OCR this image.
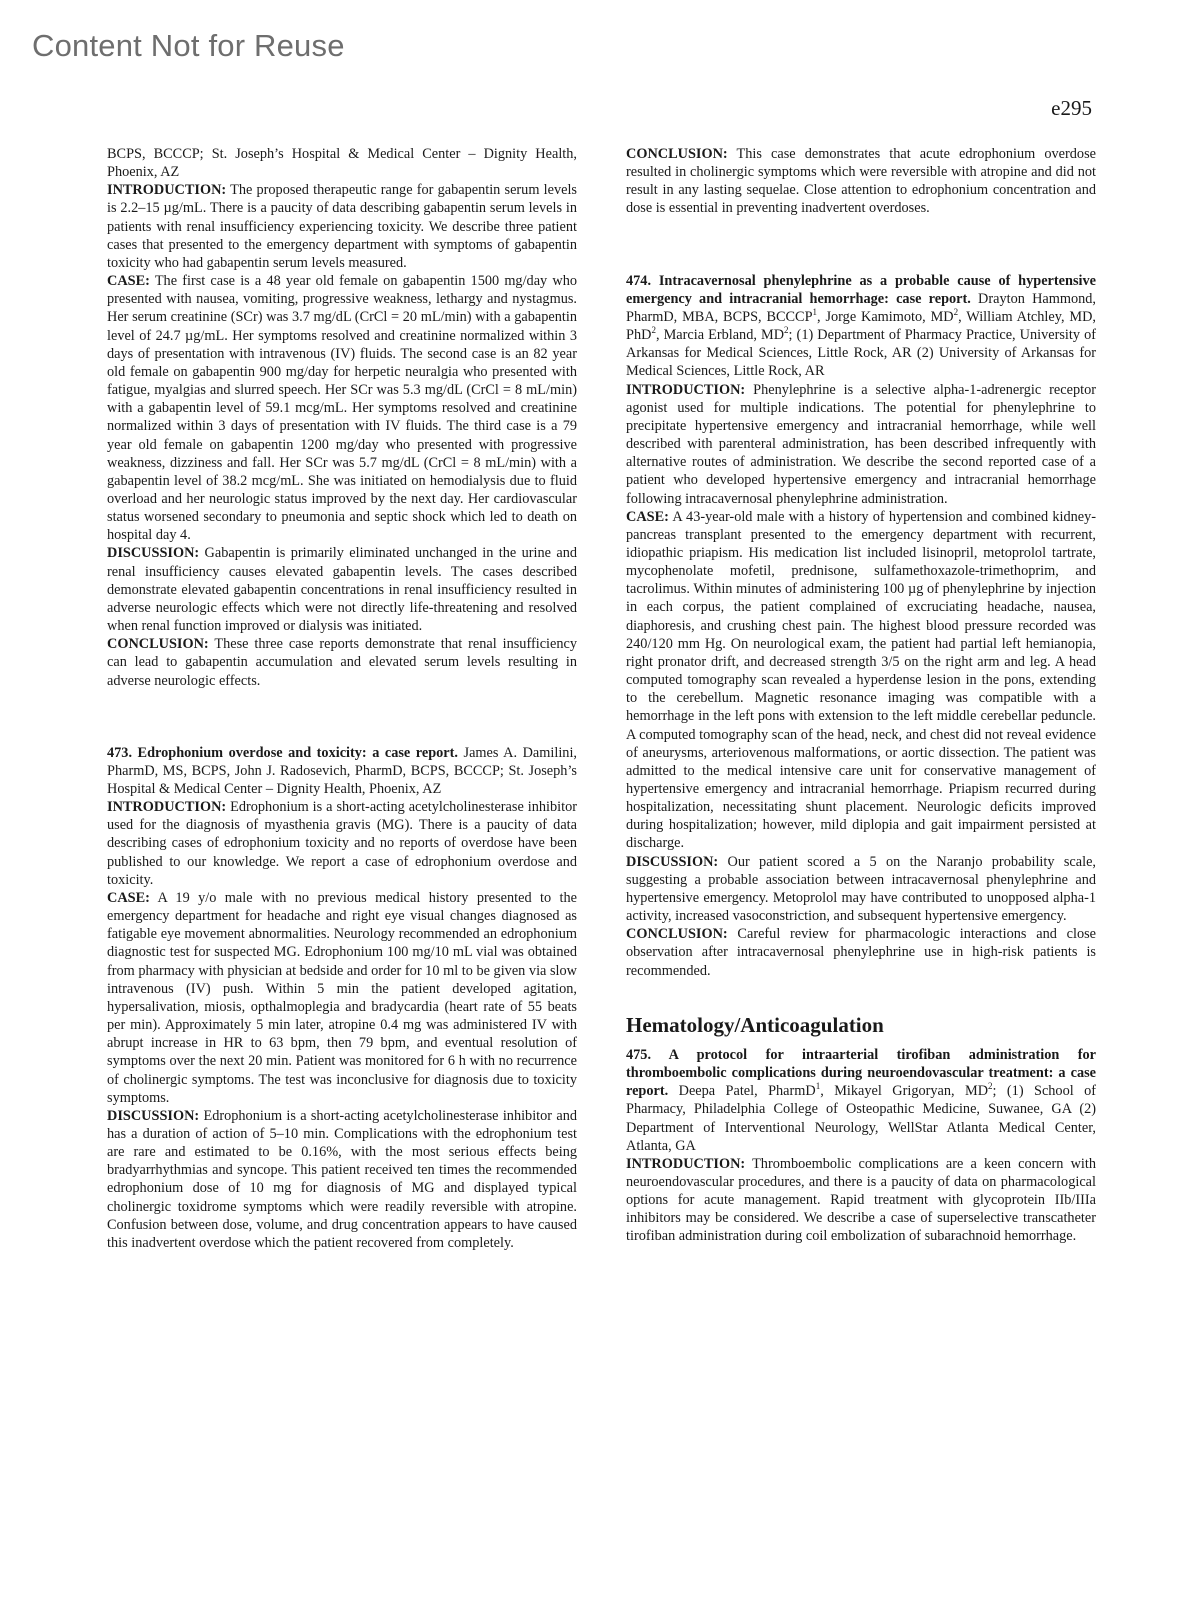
Content Not for Reuse
e295

BCPS, BCCCP; St. Joseph’s Hospital & Medical Center – Dignity Health, Phoenix, AZ

INTRODUCTION: The proposed therapeutic range for gabapentin serum levels is 2.2–15 µg/mL. There is a paucity of data describing gabapentin serum levels in patients with renal insufficiency experiencing toxicity. We describe three patient cases that presented to the emergency department with symptoms of gabapentin toxicity who had gabapentin serum levels measured.

CASE: The first case is a 48 year old female on gabapentin 1500 mg/day who presented with nausea, vomiting, progressive weakness, lethargy and nystagmus. Her serum creatinine (SCr) was 3.7 mg/dL (CrCl = 20 mL/min) with a gabapentin level of 24.7 µg/mL. Her symptoms resolved and creatinine normalized within 3 days of presentation with intravenous (IV) fluids. The second case is an 82 year old female on gabapentin 900 mg/day for herpetic neuralgia who presented with fatigue, myalgias and slurred speech. Her SCr was 5.3 mg/dL (CrCl = 8 mL/min) with a gabapentin level of 59.1 mcg/mL. Her symptoms resolved and creatinine normalized within 3 days of presentation with IV fluids. The third case is a 79 year old female on gabapentin 1200 mg/day who presented with progressive weakness, dizziness and fall. Her SCr was 5.7 mg/dL (CrCl = 8 mL/min) with a gabapentin level of 38.2 mcg/mL. She was initiated on hemodialysis due to fluid overload and her neurologic status improved by the next day. Her cardiovascular status worsened secondary to pneumonia and septic shock which led to death on hospital day 4.

DISCUSSION: Gabapentin is primarily eliminated unchanged in the urine and renal insufficiency causes elevated gabapentin levels. The cases described demonstrate elevated gabapentin concentrations in renal insufficiency resulted in adverse neurologic effects which were not directly life-threatening and resolved when renal function improved or dialysis was initiated.

CONCLUSION: These three case reports demonstrate that renal insufficiency can lead to gabapentin accumulation and elevated serum levels resulting in adverse neurologic effects.

473. Edrophonium overdose and toxicity: a case report. James A. Damilini, PharmD, MS, BCPS, John J. Radosevich, PharmD, BCPS, BCCCP; St. Joseph’s Hospital & Medical Center – Dignity Health, Phoenix, AZ

INTRODUCTION: Edrophonium is a short-acting acetylcholinesterase inhibitor used for the diagnosis of myasthenia gravis (MG). There is a paucity of data describing cases of edrophonium toxicity and no reports of overdose have been published to our knowledge. We report a case of edrophonium overdose and toxicity.

CASE: A 19 y/o male with no previous medical history presented to the emergency department for headache and right eye visual changes diagnosed as fatigable eye movement abnormalities. Neurology recommended an edrophonium diagnostic test for suspected MG. Edrophonium 100 mg/10 mL vial was obtained from pharmacy with physician at bedside and order for 10 ml to be given via slow intravenous (IV) push. Within 5 min the patient developed agitation, hypersalivation, miosis, opthalmoplegia and bradycardia (heart rate of 55 beats per min). Approximately 5 min later, atropine 0.4 mg was administered IV with abrupt increase in HR to 63 bpm, then 79 bpm, and eventual resolution of symptoms over the next 20 min. Patient was monitored for 6 h with no recurrence of cholinergic symptoms. The test was inconclusive for diagnosis due to toxicity symptoms.

DISCUSSION: Edrophonium is a short-acting acetylcholinesterase inhibitor and has a duration of action of 5–10 min. Complications with the edrophonium test are rare and estimated to be 0.16%, with the most serious effects being bradyarrhythmias and syncope. This patient received ten times the recommended edrophonium dose of 10 mg for diagnosis of MG and displayed typical cholinergic toxidrome symptoms which were readily reversible with atropine. Confusion between dose, volume, and drug concentration appears to have caused this inadvertent overdose which the patient recovered from completely.

CONCLUSION: This case demonstrates that acute edrophonium overdose resulted in cholinergic symptoms which were reversible with atropine and did not result in any lasting sequelae. Close attention to edrophonium concentration and dose is essential in preventing inadvertent overdoses.

474. Intracavernosal phenylephrine as a probable cause of hypertensive emergency and intracranial hemorrhage: case report. Drayton Hammond, PharmD, MBA, BCPS, BCCCP$^1$, Jorge Kamimoto, $MD^2$, William Atchley, MD, PhD$^2$, Marcia Erbland, $MD^2$; (1) Department of Pharmacy Practice, University of Arkansas for Medical Sciences, Little Rock, AR (2) University of Arkansas for Medical Sciences, Little Rock, AR

INTRODUCTION: Phenylephrine is a selective alpha-1-adrenergic receptor agonist used for multiple indications. The potential for phenylephrine to precipitate hypertensive emergency and intracranial hemorrhage, while well described with parenteral administration, has been described infrequently with alternative routes of administration. We describe the second reported case of a patient who developed hypertensive emergency and intracranial hemorrhage following intracavernosal phenylephrine administration.

CASE: A 43-year-old male with a history of hypertension and combined kidney-pancreas transplant presented to the emergency department with recurrent, idiopathic priapism. His medication list included lisinopril, metoprolol tartrate, mycophenolate mofetil, prednisone, sulfamethoxazole-trimethoprim, and tacrolimus. Within minutes of administering 100 µg of phenylephrine by injection in each corpus, the patient complained of excruciating headache, nausea, diaphoresis, and crushing chest pain. The highest blood pressure recorded was 240/120 mm Hg. On neurological exam, the patient had partial left hemianopia, right pronator drift, and decreased strength 3/5 on the right arm and leg. A head computed tomography scan revealed a hyperdense lesion in the pons, extending to the cerebellum. Magnetic resonance imaging was compatible with a hemorrhage in the left pons with extension to the left middle cerebellar peduncle. A computed tomography scan of the head, neck, and chest did not reveal evidence of aneurysms, arteriovenous malformations, or aortic dissection. The patient was admitted to the medical intensive care unit for conservative management of hypertensive emergency and intracranial hemorrhage. Priapism recurred during hospitalization, necessitating shunt placement. Neurologic deficits improved during hospitalization; however, mild diplopia and gait impairment persisted at discharge.

DISCUSSION: Our patient scored a 5 on the Naranjo probability scale, suggesting a probable association between intracavernosal phenylephrine and hypertensive emergency. Metoprolol may have contributed to unopposed alpha-1 activity, increased vasoconstriction, and subsequent hypertensive emergency.

CONCLUSION: Careful review for pharmacologic interactions and close observation after intracavernosal phenylephrine use in high-risk patients is recommended.

Hematology/Anticoagulation

475. A protocol for intraarterial tirofiban administration for thromboembolic complications during neuroendovascular treatment: a case report. Deepa Patel, PharmD$^1$, Mikayel Grigoryan, $MD^2$; (1) School of Pharmacy, Philadelphia College of Osteopathic Medicine, Suwanee, GA (2) Department of Interventional Neurology, WellStar Atlanta Medical Center, Atlanta, GA

INTRODUCTION: Thromboembolic complications are a keen concern with neuroendovascular procedures, and there is a paucity of data on pharmacological options for acute management. Rapid treatment with glycoprotein IIb/IIIa inhibitors may be considered. We describe a case of superselective transcatheter tirofiban administration during coil embolization of subarachnoid hemorrhage.
